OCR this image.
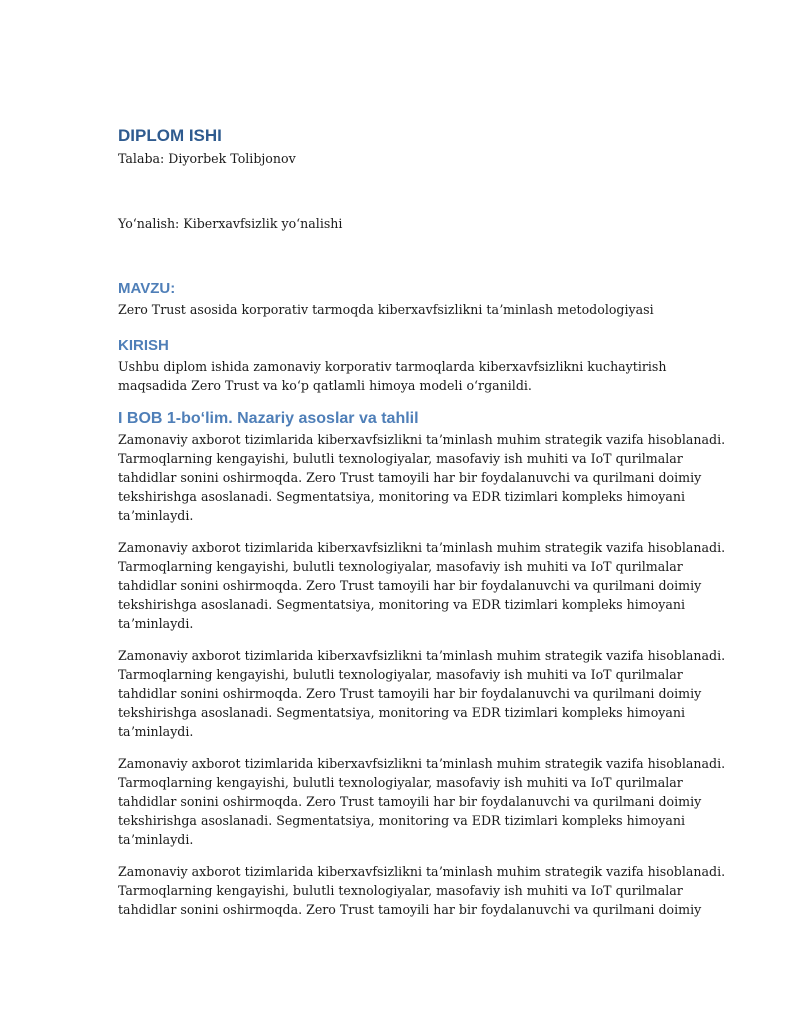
DIPLOM ISHI

Talaba: Diyorbek Tolibjonov

Yoʻnalish: Kiberxavfsizlik yoʻnalishi

MAVZU:

Zero Trust asosida korporativ tarmoqda kiberxavfsizlikni taʼminlash metodologiyasi

KIRISH
Ushbu diplom ishida zamonaviy korporativ tarmoqlarda kiberxavfsizlikni kuchaytirish
maqsadida Zero Trust va koʻp qatlamli himoya modeli oʻrganildi.
I BOB 1-boʻlim. Nazariy asoslar va tahlil
Zamonaviy axborot tizimlarida kiberxavfsizlikni taʼminlash muhim strategik vazifa hisoblanadi.
Tarmoqlarning kengayishi, bulutli texnologiyalar, masofaviy ish muhiti va IoT qurilmalar
tahdidlar sonini oshirmoqda. Zero Trust tamoyili har bir foydalanuvchi va qurilmani doimiy
tekshirishga asoslanadi. Segmentatsiya, monitoring va EDR tizimlari kompleks himoyani
taʼminlaydi.
Zamonaviy axborot tizimlarida kiberxavfsizlikni taʼminlash muhim strategik vazifa hisoblanadi.
Tarmoqlarning kengayishi, bulutli texnologiyalar, masofaviy ish muhiti va IoT qurilmalar
tahdidlar sonini oshirmoqda. Zero Trust tamoyili har bir foydalanuvchi va qurilmani doimiy
tekshirishga asoslanadi. Segmentatsiya, monitoring va EDR tizimlari kompleks himoyani
taʼminlaydi.
Zamonaviy axborot tizimlarida kiberxavfsizlikni taʼminlash muhim strategik vazifa hisoblanadi.
Tarmoqlarning kengayishi, bulutli texnologiyalar, masofaviy ish muhiti va IoT qurilmalar
tahdidlar sonini oshirmoqda. Zero Trust tamoyili har bir foydalanuvchi va qurilmani doimiy
tekshirishga asoslanadi. Segmentatsiya, monitoring va EDR tizimlari kompleks himoyani
taʼminlaydi.
Zamonaviy axborot tizimlarida kiberxavfsizlikni taʼminlash muhim strategik vazifa hisoblanadi.
Tarmoqlarning kengayishi, bulutli texnologiyalar, masofaviy ish muhiti va IoT qurilmalar
tahdidlar sonini oshirmoqda. Zero Trust tamoyili har bir foydalanuvchi va qurilmani doimiy
tekshirishga asoslanadi. Segmentatsiya, monitoring va EDR tizimlari kompleks himoyani
taʼminlaydi.
Zamonaviy axborot tizimlarida kiberxavfsizlikni taʼminlash muhim strategik vazifa hisoblanadi.
Tarmoqlarning kengayishi, bulutli texnologiyalar, masofaviy ish muhiti va IoT qurilmalar
tahdidlar sonini oshirmoqda. Zero Trust tamoyili har bir foydalanuvchi va qurilmani doimiy
